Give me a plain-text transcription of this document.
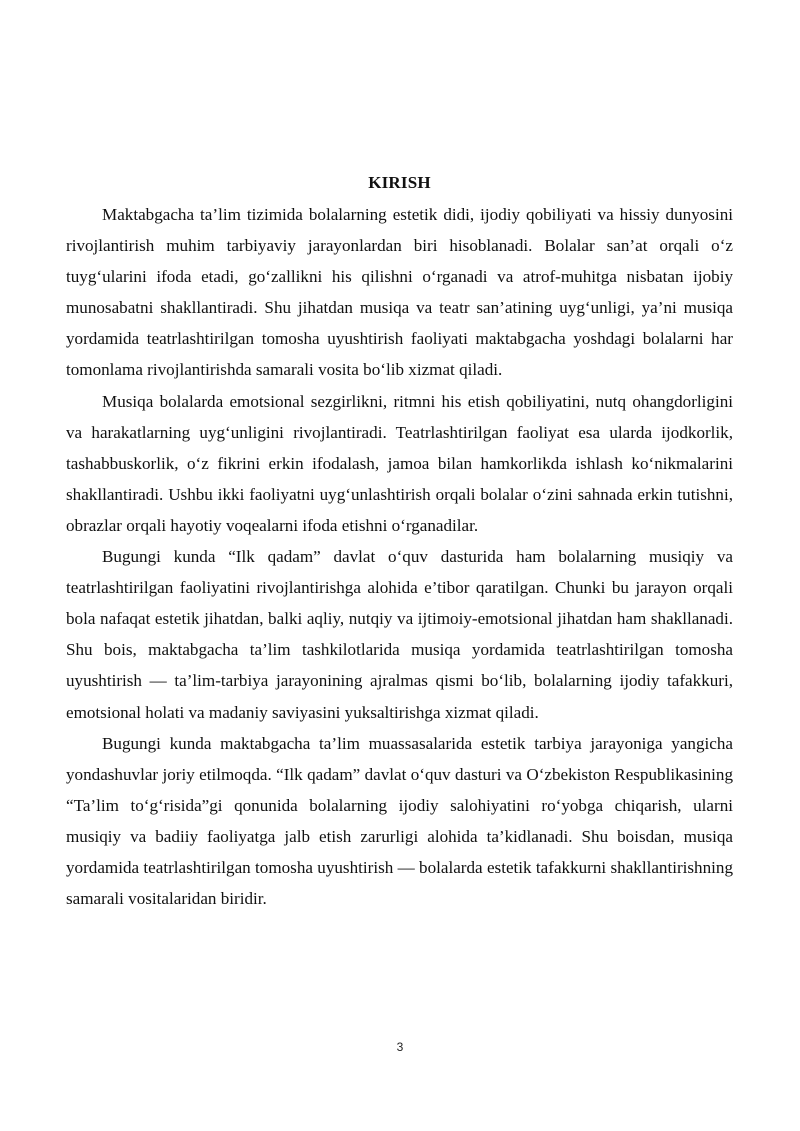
KIRISH

Maktabgacha ta’lim tizimida bolalarning estetik didi, ijodiy qobiliyati va hissiy dunyosini rivojlantirish muhim tarbiyaviy jarayonlardan biri hisoblanadi. Bolalar san’at orqali o‘z tuyg‘ularini ifoda etadi, go‘zallikni his qilishni o‘rganadi va atrof-muhitga nisbatan ijobiy munosabatni shakllantiradi. Shu jihatdan musiqa va teatr san’atining uyg‘unligi, ya’ni musiqa yordamida teatrlashtirilgan tomosha uyushtirish faoliyati maktabgacha yoshdagi bolalarni har tomonlama rivojlantirishda samarali vosita bo‘lib xizmat qiladi.

Musiqa bolalarda emotsional sezgirlikni, ritmni his etish qobiliyatini, nutq ohangdorligini va harakatlarning uyg‘unligini rivojlantiradi. Teatrlashtirilgan faoliyat esa ularda ijodkorlik, tashabbuskorlik, o‘z fikrini erkin ifodalash, jamoa bilan hamkorlikda ishlash ko‘nikmalarini shakllantiradi. Ushbu ikki faoliyatni uyg‘unlashtirish orqali bolalar o‘zini sahnada erkin tutishni, obrazlar orqali hayotiy voqealarni ifoda etishni o‘rganadilar.

Bugungi kunda “Ilk qadam” davlat o‘quv dasturida ham bolalarning musiqiy va teatrlashtirilgan faoliyatini rivojlantirishga alohida e’tibor qaratilgan. Chunki bu jarayon orqali bola nafaqat estetik jihatdan, balki aqliy, nutqiy va ijtimoiy-emotsional jihatdan ham shakllanadi. Shu bois, maktabgacha ta’lim tashkilotlarida musiqa yordamida teatrlashtirilgan tomosha uyushtirish — ta’lim-tarbiya jarayonining ajralmas qismi bo‘lib, bolalarning ijodiy tafakkuri, emotsional holati va madaniy saviyasini yuksaltirishga xizmat qiladi.

Bugungi kunda maktabgacha ta’lim muassasalarida estetik tarbiya jarayoniga yangicha yondashuvlar joriy etilmoqda. “Ilk qadam” davlat o‘quv dasturi va O‘zbekiston Respublikasining “Ta’lim to‘g‘risida”gi qonunida bolalarning ijodiy salohiyatini ro‘yobga chiqarish, ularni musiqiy va badiiy faoliyatga jalb etish zarurligi alohida ta’kidlanadi. Shu boisdan, musiqa yordamida teatrlashtirilgan tomosha uyushtirish — bolalarda estetik tafakkurni shakllantirishning samarali vositalaridan biridir.

3
